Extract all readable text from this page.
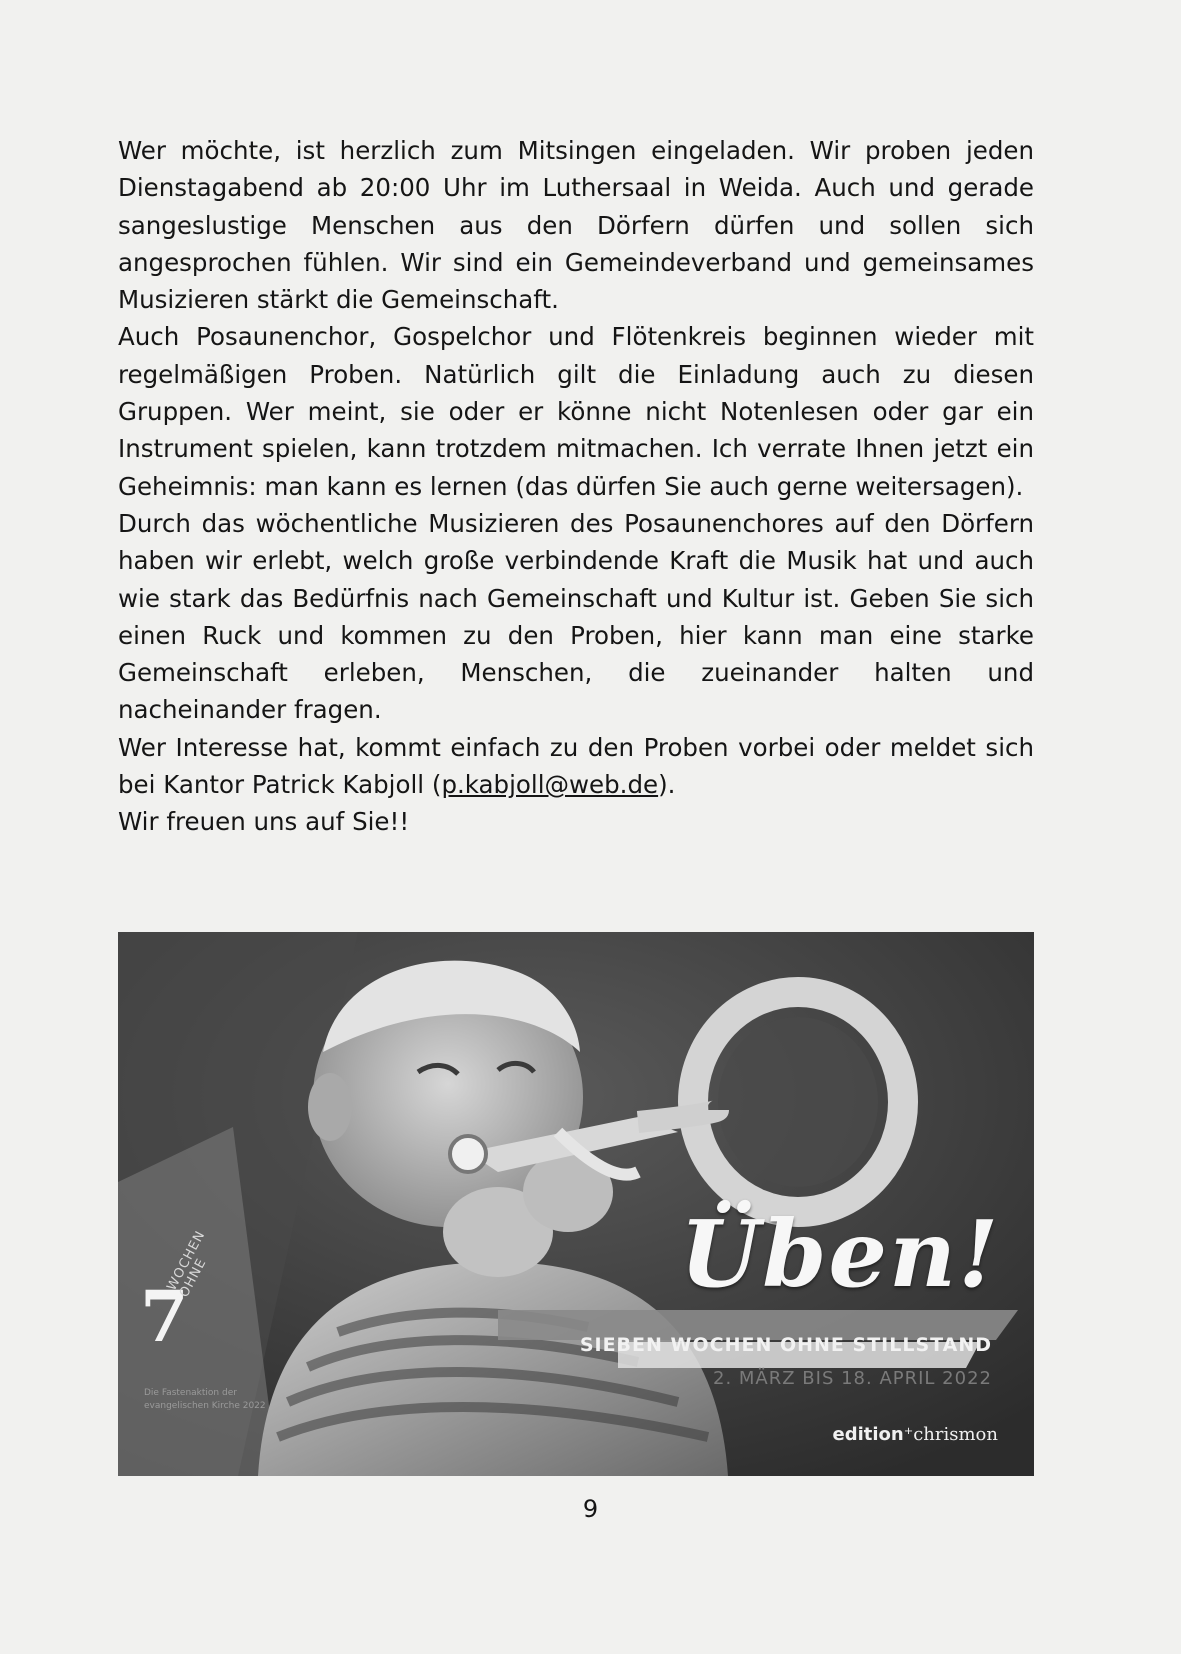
Wer möchte, ist herzlich zum Mitsingen eingeladen. Wir proben jeden Dienstagabend ab 20:00 Uhr im Luthersaal in Weida. Auch und gerade sangeslustige Menschen aus den Dörfern dürfen und sollen sich angesprochen fühlen. Wir sind ein Gemeindeverband und gemeinsames Musizieren stärkt die Gemeinschaft.

Auch Posaunenchor, Gospelchor und Flötenkreis beginnen wieder mit regelmäßigen Proben. Natürlich gilt die Einladung auch zu diesen Gruppen. Wer meint, sie oder er könne nicht Notenlesen oder gar ein Instrument spielen, kann trotzdem mitmachen. Ich verrate Ihnen jetzt ein Geheimnis: man kann es lernen (das dürfen Sie auch gerne weitersagen).

Durch das wöchentliche Musizieren des Posaunenchores auf den Dörfern haben wir erlebt, welch große verbindende Kraft die Musik hat und auch wie stark das Bedürfnis nach Gemeinschaft und Kultur ist. Geben Sie sich einen Ruck und kommen zu den Proben, hier kann man eine starke Gemeinschaft erleben, Menschen, die zueinander halten und nacheinander fragen.

Wer Interesse hat, kommt einfach zu den Proben vorbei oder meldet sich bei Kantor Patrick Kabjoll (p.kabjoll@web.de).

Wir freuen uns auf Sie!!

Üben!
SIEBEN WOCHEN OHNE STILLSTAND
2. MÄRZ BIS 18. APRIL 2022
edition⁺chrismon
7
WOCHEN
OHNE
Die Fastenaktion der evangelischen Kirche 2022
9
